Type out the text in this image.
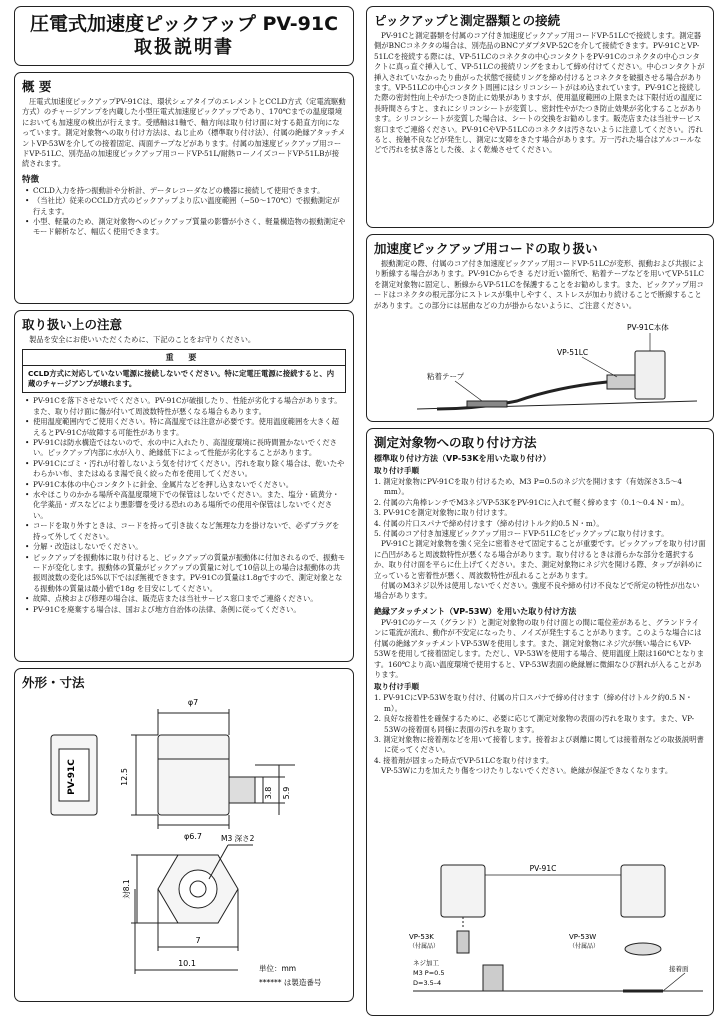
圧電式加速度ピックアップ PV-91C
取扱説明書
概 要

圧電式加速度ピックアップPV-91Cは、環状シェアタイプのエレメントとCCLD方式（定電流駆動方式）のチャージアンプを内蔵した小型圧電式加速度ピックアップであり、170℃までの温度環境においても加速度の検出が行えます。受感軸は1軸で、軸方向は取り付け面に対する鉛直方向になっています。測定対象物への取り付け方法は、ねじ止め（標準取り付け法）、付属の絶縁アタッチメントVP-53Wを介しての接着固定、両面テープなどがあります。付属の加速度ピックアップ用コードVP-51LC、別売品の加速度ピックアップ用コードVP-51L/耐熱ローノイズコードVP-51LBが接続されます。

特徴
• CCLD入力を持つ振動計や分析計、データレコーダなどの機器に接続して使用できます。
• （当社比）従来のCCLD方式のピックアップより広い温度範囲（−50〜170℃）で振動測定が行えます。
• 小型、軽量のため、測定対象物へのピックアップ質量の影響が小さく、軽量構造物の振動測定やモード解析など、幅広く使用できます。
取り扱い上の注意

製品を安全にお使いいただくために、下記のことをお守りください。

重 要
CCLD方式に対応していない電源に接続しないでください。特に定電圧電源に接続すると、内蔵のチャージアンプが壊れます。
• PV-91Cを落下させないでください。PV-91Cが破損したり、性能が劣化する場合があります。また、取り付け面に傷が付いて周波数特性が悪くなる場合もあります。
• 使用温度範囲内でご使用ください。特に高温度では注意が必要です。使用温度範囲を大きく超えるとPV-91Cが故障する可能性があります。
• PV-91Cは防水構造ではないので、水の中に入れたり、高湿度環境に長時間置かないでください。ピックアップ内部に水が入り、絶縁低下によって性能が劣化することがあります。
• PV-91Cにゴミ・汚れが付着しないよう気を付けてください。汚れを取り除く場合は、乾いたやわらかい布、またはぬるま湯で良く絞った布を使用してください。
• PV-91C本体の中心コンタクトに針金、金属片などを押し込まないでください。
• 水やほこりのかかる場所や高温度環境下での保管はしないでください。また、塩分・硫黄分・化学薬品・ガスなどにより悪影響を受ける恐れのある場所での使用や保管はしないでください。
• コードを取り外すときは、コードを持って引き抜くなど無理な力を掛けないで、必ずプラグを持って外してください。
• 分解・改造はしないでください。
• ピックアップを振動体に取り付けると、ピックアップの質量が振動体に付加されるので、振動モードが変化します。振動体の質量がピックアップの質量に対して10倍以上の場合は振動体の共振周波数の変化は5%以下ではぼ無視できます。PV-91Cの質量は1.8gですので、測定対象となる振動体の質量は最小値で18g を目安にしてください。
• 故障、点検および修理の場合は、販売店または当社サービス窓口までご連絡ください。
• PV-91Cを廃棄する場合は、国および地方自治体の法律、条例に従ってください。
外形・寸法
φ7
φ6.7
12.5
3.8 5.9
PV-91C
M3 深さ2
対8.1
7
10.1
単位：mm
****** は製造番号
ピックアップと測定器類との接続

PV-91Cと測定器類を付属のコア付き加速度ピックアップ用コードVP-51LCで接続します。測定器側がBNCコネクタの場合は、別売品のBNCアダプタVP-52Cを介して接続できます。PV-91CとVP-51LCを接続する際には、VP-51LCのコネクタの中心コンタクトをPV-91Cのコネクタの中心コンタクトに真っ直ぐ挿入して、VP-51LCの接続リングをまわして締め付けてください。中心コンタクトが挿入されていなかったり曲がった状態で接続リングを締め付けるとコネクタを破損させる場合があります。VP-51LCの中心コンタクト周囲にはシリコンシートがはめ込まれています。PV-91Cと接続した際の密封性向上やがたつき防止に効果がありますが、使用温度範囲の上限または下限付近の温度に長時間さらすと、まれにシリコンシートが変質し、密封性やがたつき防止効果が劣化することがあります。シリコンシートが変質した場合は、シートの交換をお勧めします。販売店または当社サービス窓口までご連絡ください。PV-91CやVP-51LCのコネクタは汚さないように注意してください。汚れると、接触不良などが発生し、測定に支障をきたす場合があります。万一汚れた場合はアルコールなどで汚れを拭き落とした後、よく乾燥させてください。

加速度ピックアップ用コードの取り扱い

振動測定の際、付属のコア付き加速度ピックアップ用コードVP-51LCが変形、振動および共振により断線する場合があります。PV-91Cからでき るだけ近い箇所で、粘着テープなどを用いてVP-51LCを測定対象物に固定し、断線からVP-51LCを保護することをお勧めします。また、ピックアップ用コードはコネクタの根元部分にストレスが集中しやすく、ストレスが加わり続けることで断線することがあります。この部分には屈曲などの力が掛からないように、ご注意ください。

PV-91C本体
VP-51LC
粘着テープ
測定対象物への取り付け方法
標準取り付け方法（VP-53Kを用いた取り付け）
取り付け手順
1. 測定対象物にPV-91Cを取り付けるため、M3 P=0.5のネジ穴を開けます（有効深さ3.5〜4 mm）。
2. 付属の六角棒レンチでM3ネジVP-53KをPV-91Cに入れて軽く締めます（0.1〜0.4 N・m）。
3. PV-91Cを測定対象物に取り付けます。
4. 付属の片口スパナで締め付けます（締め付けトルク約0.5 N・m）。
5. 付属のコア付き加速度ピックアップ用コードVP-51LCをピックアップに取り付けます。

PV-91Cと測定対象物を強く完全に密着させて固定することが重要です。ピックアップを取り付け面に凸凹があると周波数特性が悪くなる場合があります。取り付けるときは滑らかな部分を選択するか、取り付け面を平らに仕上げてください。また、測定対象物にネジ穴を開ける際、タップが斜めに立っていると密着性が悪く、周波数特性が乱れることがあります。

付属のM3ネジ以外は使用しないでください。強度不良や締め付け不良などで所定の特性が出ない場合があります。

絶縁アタッチメント（VP-53W）を用いた取り付け方法

PV-91Cのケース（グランド）と測定対象物の取り付け面との間に電位差があると、グランドラインに電流が流れ、動作が不安定になったり、ノイズが発生することがあります。このような場合には付属の絶縁アタッチメントVP-53Wを使用します。また、測定対象物にネジ穴が無い場合にもVP-53Wを使用して接着固定します。ただし、VP-53Wを使用する場合、使用温度上限は160℃となります。160℃より高い温度環境で使用すると、VP-53W表面の絶縁層に微細なひび割れが入ることがあります。

取り付け手順
1. PV-91CにVP-53Wを取り付け、付属の片口スパナで締め付けます（締め付けトルク約0.5 N・m）。
2. 良好な接着性を確保するために、必要に応じて測定対象物の表面の汚れを取ります。また、VP-53Wの接着面も同様に表面の汚れを取ります。
3. 測定対象物に接着剤などを用いて接着します。接着および剥離に関しては接着剤などの取扱説明書に従ってください。
4. 接着剤が固まった時点でVP-51LCを取り付けます。

VP-53Wに力を加えたり傷をつけたりしないでください。絶縁が保証できなくなります。

PV-91C
VP-53K
（付属品）
VP-53W
（付属品）
ネジ加工
M3 P=0.5
D=3.5–4
接着面
